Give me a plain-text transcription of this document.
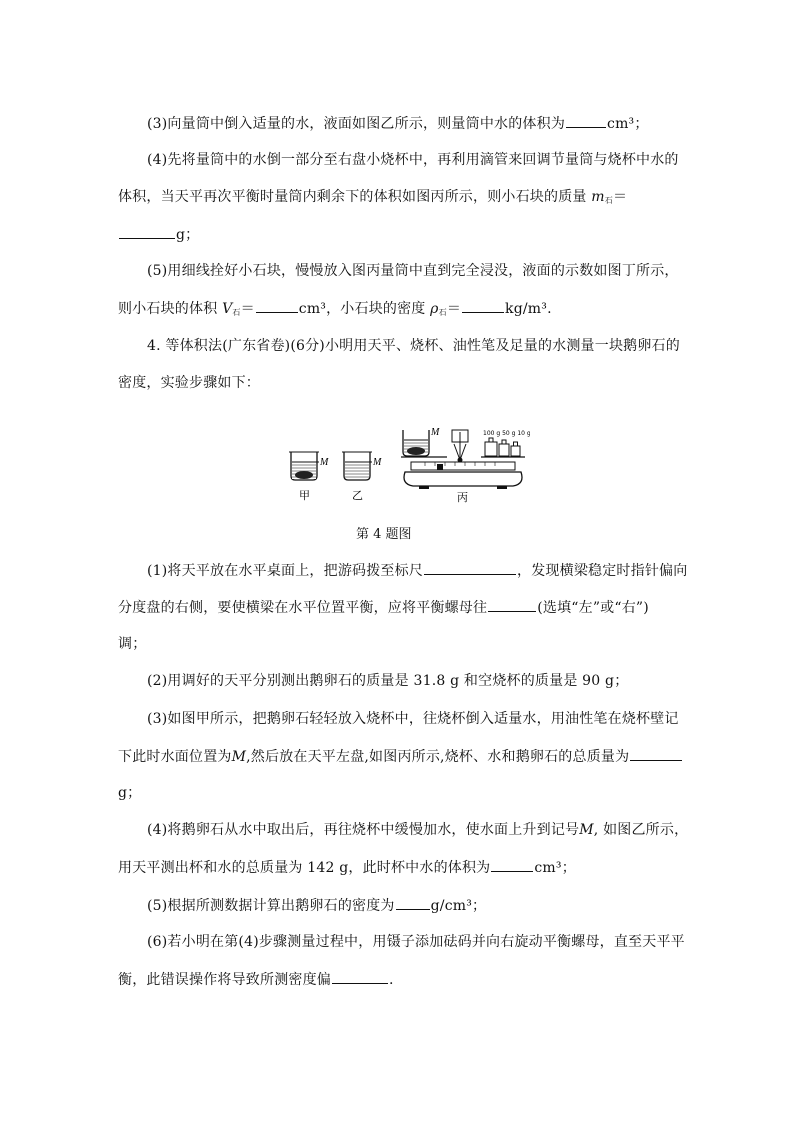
(3)向量筒中倒入适量的水，液面如图乙所示，则量筒中水的体积为	cm³；
(4)先将量筒中的水倒一部分至右盘小烧杯中，再利用滴管来回调节量筒与烧杯中水的
体积，当天平再次平衡时量筒内剩余下的体积如图丙所示，则小石块的质量 $m_石=$
g；
(5)用细线拴好小石块，慢慢放入图丙量筒中直到完全浸没，液面的示数如图丁所示，
则小石块的体积 $V_石=$	cm³，小石块的密度 $\rho_石=$	kg/m³.
4. 等体积法(广东省卷)(6分)小明用天平、烧杯、油性笔及足量的水测量一块鹅卵石的
密度，实验步骤如下：
M
甲
M
乙
M	100 g 50 g 10 g
丙
第 4 题图
(1)将天平放在水平桌面上，把游码拨至标尺	，发现横梁稳定时指针偏向
分度盘的右侧，要使横梁在水平位置平衡，应将平衡螺母往	(选填“左”或“右”)
调；
(2)用调好的天平分别测出鹅卵石的质量是 31.8 g 和空烧杯的质量是 90 g；
(3)如图甲所示，把鹅卵石轻轻放入烧杯中，往烧杯倒入适量水，用油性笔在烧杯壁记
下此时水面位置为M,然后放在天平左盘,如图丙所示,烧杯、水和鹅卵石的总质量为
g；
(4)将鹅卵石从水中取出后，再往烧杯中缓慢加水，使水面上升到记号M, 如图乙所示，
用天平测出杯和水的总质量为 142 g，此时杯中水的体积为	cm³；
(5)根据所测数据计算出鹅卵石的密度为	g/cm³；
(6)若小明在第(4)步骤测量过程中，用镊子添加砝码并向右旋动平衡螺母，直至天平平
衡，此错误操作将导致所测密度偏	.
